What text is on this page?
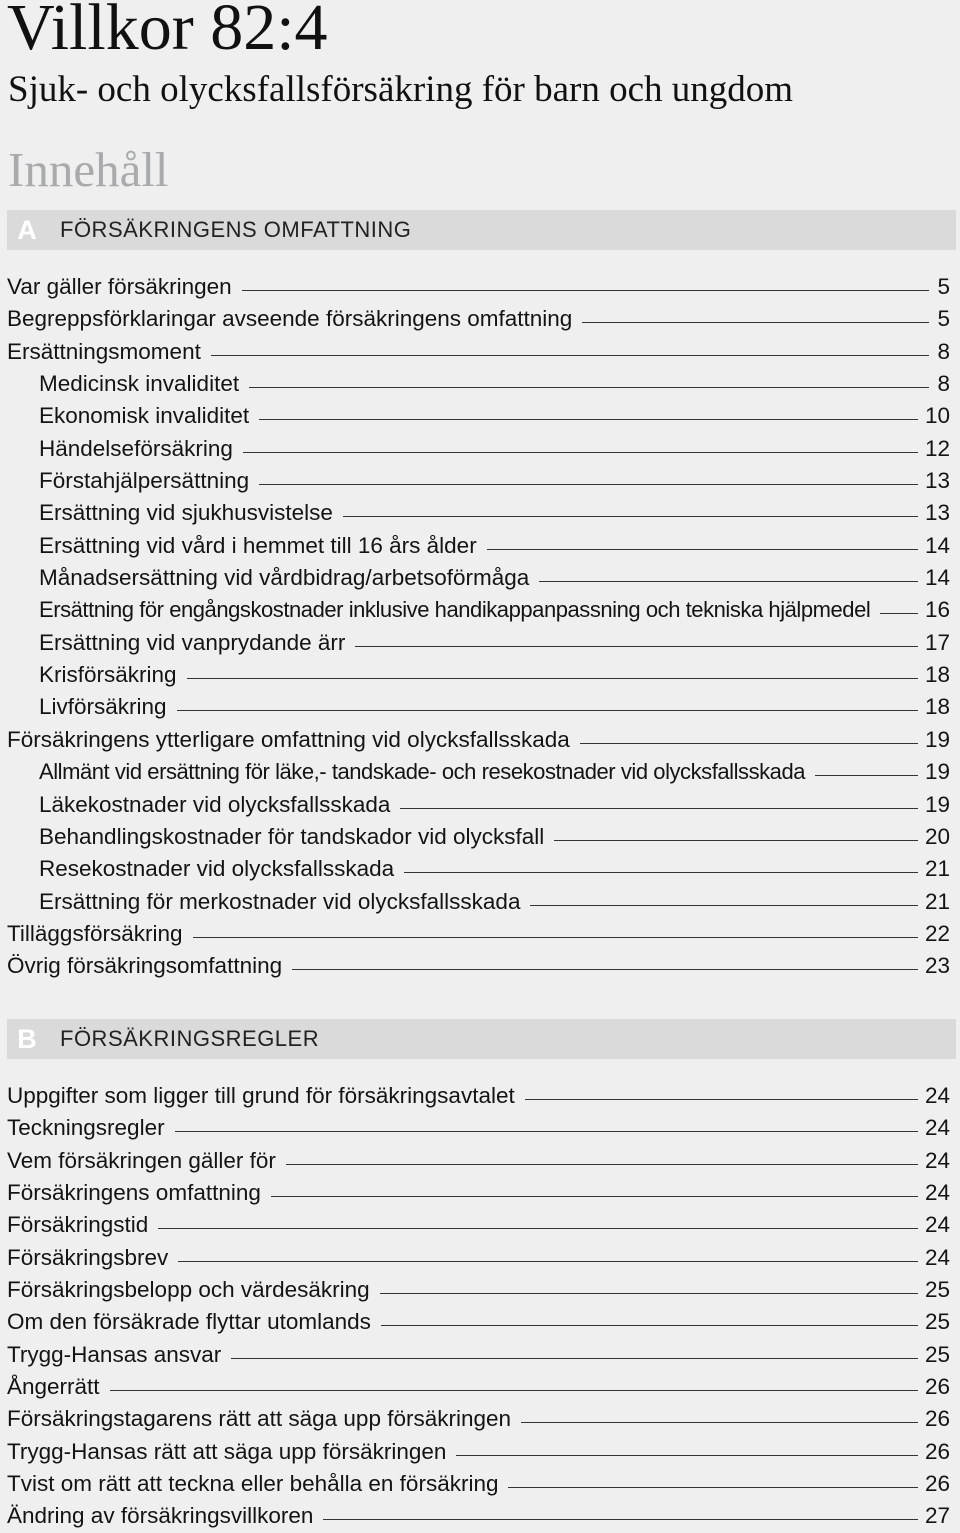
Villkor 82:4
Sjuk- och olycksfallsförsäkring för barn och ungdom
Innehåll
A	FÖRSÄKRINGENS OMFATTNING
Var gäller försäkringen	5
Begreppsförklaringar avseende försäkringens omfattning	5
Ersättningsmoment	8
Medicinsk invaliditet	8
Ekonomisk invaliditet	10
Händelseförsäkring	12
Förstahjälpersättning	13
Ersättning vid sjukhusvistelse	13
Ersättning vid vård i hemmet till 16 års ålder	14
Månadsersättning vid vårdbidrag/arbetsoförmåga	14
Ersättning för engångskostnader inklusive handikappanpassning och tekniska hjälpmedel 16
Ersättning vid vanprydande ärr	17
Krisförsäkring	18
Livförsäkring	18
Försäkringens ytterligare omfattning vid olycksfallsskada	19
Allmänt vid ersättning för läke,- tandskade- och resekostnader vid olycksfallsskada	19
Läkekostnader vid olycksfallsskada	19
Behandlingskostnader för tandskador vid olycksfall	20
Resekostnader vid olycksfallsskada	21
Ersättning för merkostnader vid olycksfallsskada	21
Tilläggsförsäkring	22
Övrig försäkringsomfattning	23
B	FÖRSÄKRINGSREGLER
Uppgifter som ligger till grund för försäkringsavtalet	24
Teckningsregler	24
Vem försäkringen gäller för	24
Försäkringens omfattning	24
Försäkringstid	24
Försäkringsbrev	24
Försäkringsbelopp och värdesäkring	25
Om den försäkrade flyttar utomlands	25
Trygg-Hansas ansvar	25
Ångerrätt	26
Försäkringstagarens rätt att säga upp försäkringen	26
Trygg-Hansas rätt att säga upp försäkringen	26
Tvist om rätt att teckna eller behålla en försäkring	26
Ändring av försäkringsvillkoren	27
